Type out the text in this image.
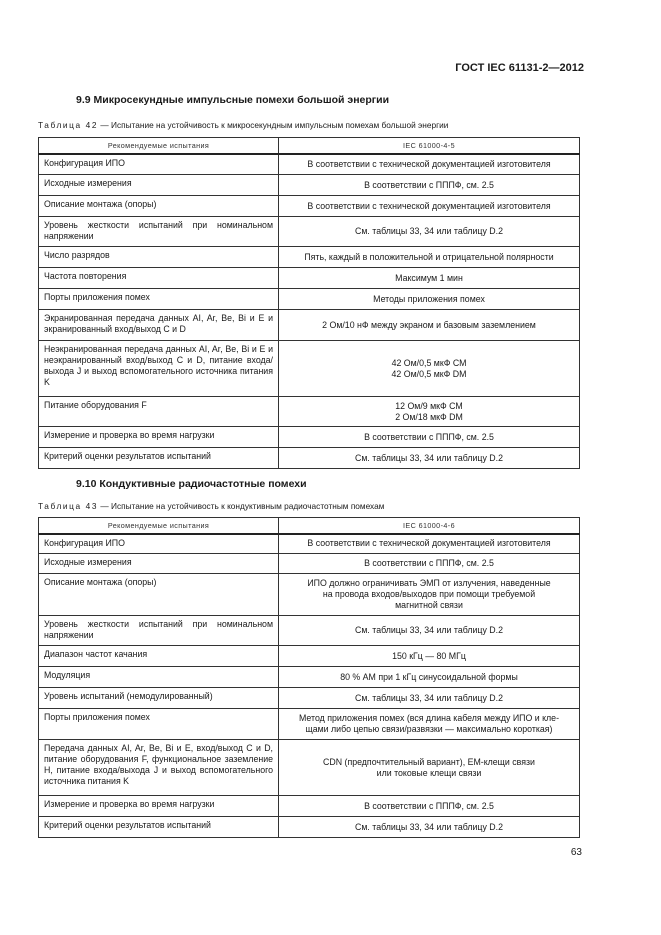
ГОСТ IEC 61131-2—2012
9.9 Микросекундные импульсные помехи большой энергии
Таблица 42 — Испытание на устойчивость к микросекундным импульсным помехам большой энергии
Рекомендуемые испытания	IEC 61000-4-5
Конфигурация ИПО	В соответствии с технической документацией изготовителя
Исходные измерения	В соответствии с ПППФ, см. 2.5
Описание монтажа (опоры)	В соответствии с технической документацией изготовителя
Уровень жесткости испытаний при номинальном напряжении	См. таблицы 33, 34 или таблицу D.2
Число разрядов	Пять, каждый в положительной и отрицательной полярности
Частота повторения	Максимум 1 мин
Порты приложения помех	Методы приложения помех
Экранированная передача данных AI, Ar, Be, Bi и E и экранированный вход/выход C и D	2 Ом/10 нФ между экраном и базовым заземлением
Неэкранированная передача данных AI, Ar, Be, Bi и E и неэкранированный вход/выход C и D, питание входа/выхода J и выход вспомогательного источника питания K	42 Ом/0,5 мкФ СМ
42 Ом/0,5 мкФ DM

Питание оборудования F	12 Ом/9 мкФ СМ
2 Ом/18 мкФ DM

Измерение и проверка во время нагрузки	В соответствии с ПППФ, см. 2.5
Критерий оценки результатов испытаний	См. таблицы 33, 34 или таблицу D.2
9.10 Кондуктивные радиочастотные помехи
Таблица 43 — Испытание на устойчивость к кондуктивным радиочастотным помехам
Рекомендуемые испытания	IEC 61000-4-6
Конфигурация ИПО	В соответствии с технической документацией изготовителя
Исходные измерения	В соответствии с ПППФ, см. 2.5
Описание монтажа (опоры)	ИПО должно ограничивать ЭМП от излучения, наведенные
на провода входов/выходов при помощи требуемой
магнитной связи

Уровень жесткости испытаний при номинальном напряжении	См. таблицы 33, 34 или таблицу D.2
Диапазон частот качания	150 кГц — 80 МГц
Модуляция	80 % АМ при 1 кГц синусоидальной формы
Уровень испытаний (немодулированный)	См. таблицы 33, 34 или таблицу D.2
Порты приложения помех	Метод приложения помех (вся длина кабеля между ИПО и кле-
щами либо цепью связи/развязки — максимально короткая)

Передача данных AI, Ar, Be, Bi и E, вход/выход C и D, питание оборудования F, функциональное заземление H, питание входа/выхода J и выход вспомогательного источника питания K	CDN (предпочтительный вариант), ЕМ-клещи связи
или токовые клещи связи

Измерение и проверка во время нагрузки	В соответствии с ПППФ, см. 2.5
Критерий оценки результатов испытаний	См. таблицы 33, 34 или таблицу D.2
63
